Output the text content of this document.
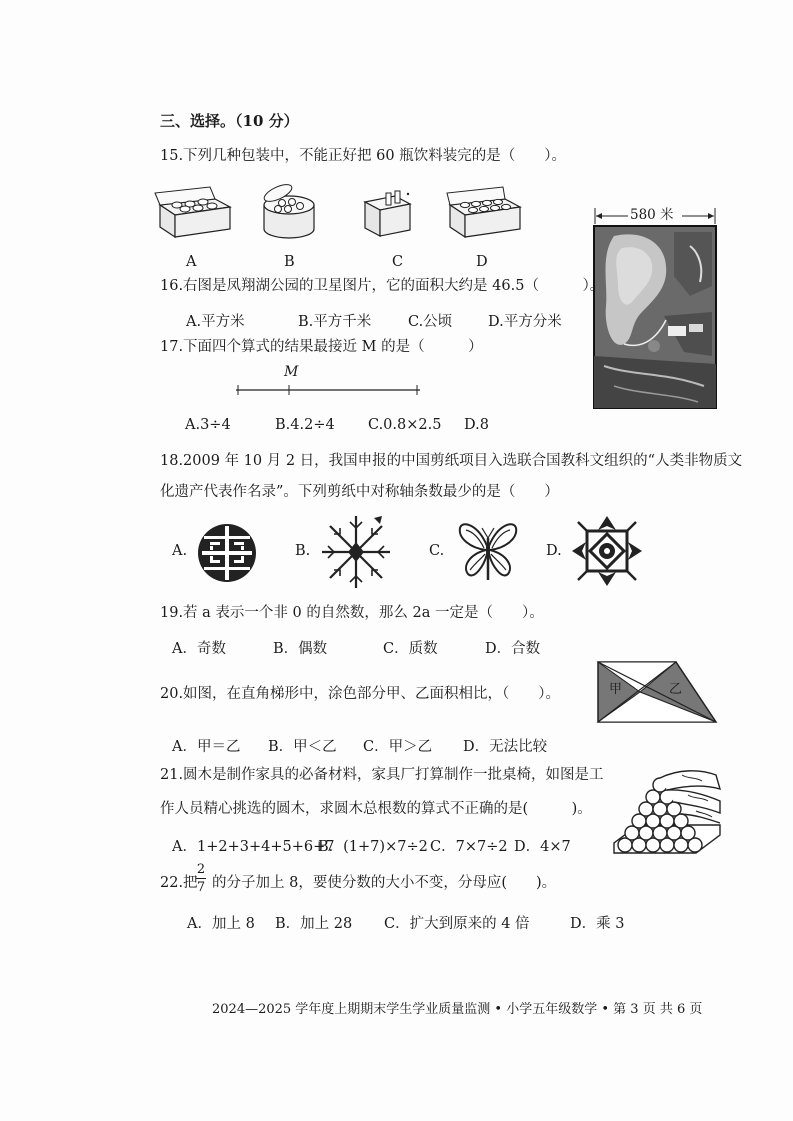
三、选择。（10 分）
15.下列几种包装中，不能正好把 60 瓶饮料装完的是（　　）。
A	B	C	D
580 米
16.右图是凤翔湖公园的卫星图片，它的面积大约是 46.5（　　　）。
A.平方米	B.平方千米	C.公顷 D.平方分米
17.下面四个算式的结果最接近 M 的是（　　　）
M
A.3÷4	B.4.2÷4 C.0.8×2.5 D.8
18.2009 年 10 月 2 日，我国申报的中国剪纸项目入选联合国教科文组织的“人类非物质文
化遗产代表作名录”。下列剪纸中对称轴条数最少的是（　　）
A.	B.	C.	D.
19.若 a 表示一个非 0 的自然数，那么 2a 一定是（　　）。
A．奇数	B．偶数	C．质数	D．合数
甲	乙
20.如图，在直角梯形中，涂色部分甲、乙面积相比，（　　）。
A．甲＝乙 B．甲＜乙 C．甲＞乙 D．无法比较
21.圆木是制作家具的必备材料，家具厂打算制作一批桌椅，如图是工
作人员精心挑选的圆木，求圆木总根数的算式不正确的是(　　　)。
A．1+2+3+4+5+6+7
B．(1+7)×7÷2 C．7×7÷2 D．4×7
22.把
2
7 的分子加上 8，要使分数的大小不变，分母应(　　)。
A．加上 8 B．加上 28 C．扩大到原来的 4 倍	D．乘 3
2024—2025 学年度上期期末学生学业质量监测 • 小学五年级数学 • 第 3 页 共 6 页
